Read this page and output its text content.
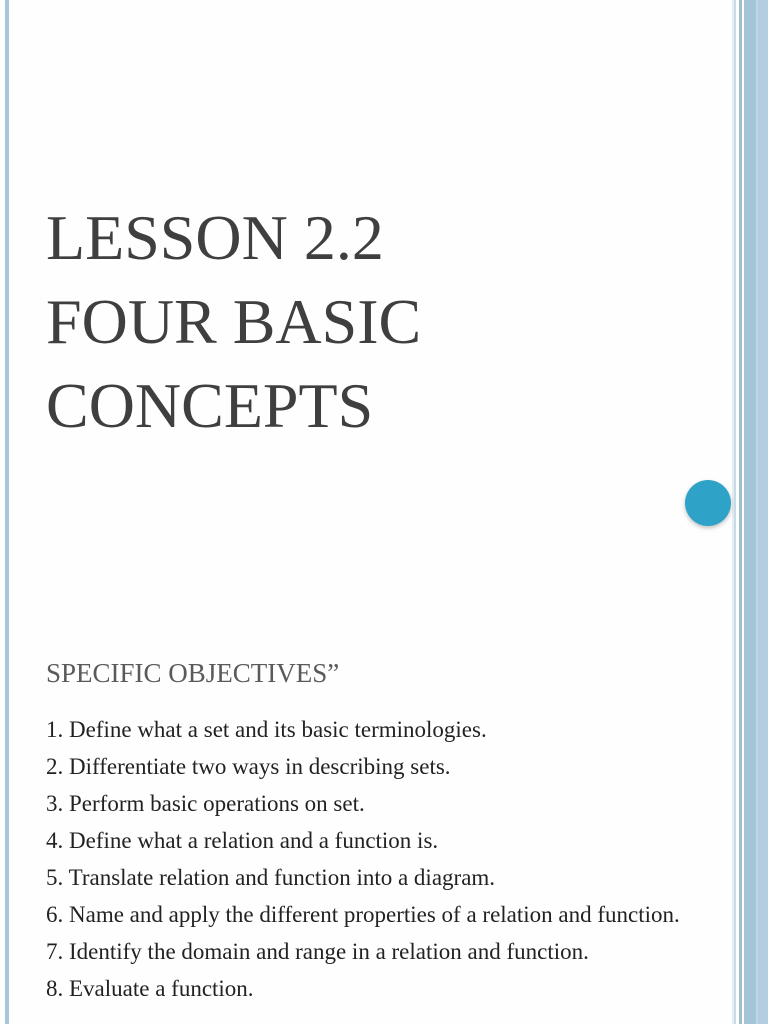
LESSON 2.2
FOUR BASIC
CONCEPTS
SPECIFIC OBJECTIVES”
1. Define what a set and its basic terminologies.
2. Differentiate two ways in describing sets.
3. Perform basic operations on set.
4. Define what a relation and a function is.
5. Translate relation and function into a diagram.
6. Name and apply the different properties of a relation and function.
7. Identify the domain and range in a relation and function.
8. Evaluate a function.
